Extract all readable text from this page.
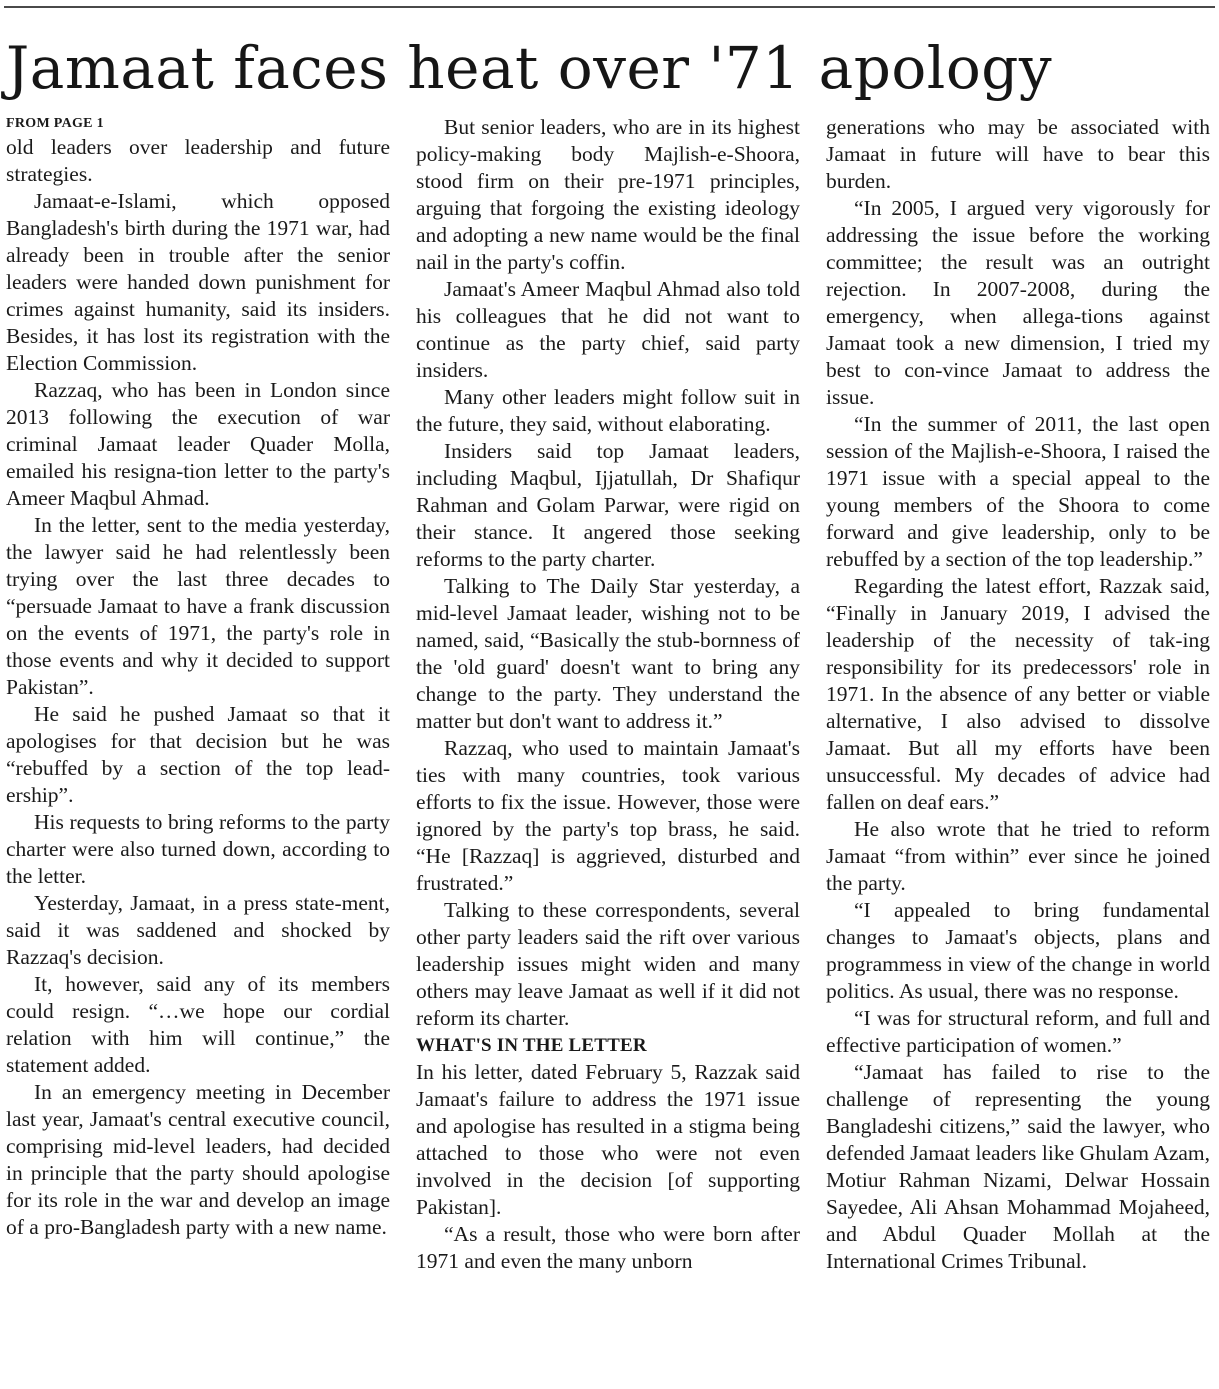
Jamaat faces heat over '71 apology
FROM PAGE 1

old leaders over leadership and future strategies.

Jamaat-e-Islami, which opposed Bangladesh's birth during the 1971 war, had already been in trouble after the senior leaders were handed down punishment for crimes against humanity, said its insiders. Besides, it has lost its registration with the Election Commission.

Razzaq, who has been in London since 2013 following the execution of war criminal Jamaat leader Quader Molla, emailed his resigna-tion letter to the party's Ameer Maqbul Ahmad.

In the letter, sent to the media yesterday, the lawyer said he had relentlessly been trying over the last three decades to “persuade Jamaat to have a frank discussion on the events of 1971, the party's role in those events and why it decided to support Pakistan”.

He said he pushed Jamaat so that it apologises for that decision but he was “rebuffed by a section of the top lead-ership”.

His requests to bring reforms to the party charter were also turned down, according to the letter.

Yesterday, Jamaat, in a press state-ment, said it was saddened and shocked by Razzaq's decision.

It, however, said any of its members could resign. “…we hope our cordial relation with him will continue,” the statement added.

In an emergency meeting in December last year, Jamaat's central executive council, comprising mid-level leaders, had decided in principle that the party should apologise for its role in the war and develop an image of a pro-Bangladesh party with a new name.

But senior leaders, who are in its highest policy-making body Majlish-e-Shoora, stood firm on their pre-1971 principles, arguing that forgoing the existing ideology and adopting a new name would be the final nail in the party's coffin.

Jamaat's Ameer Maqbul Ahmad also told his colleagues that he did not want to continue as the party chief, said party insiders.

Many other leaders might follow suit in the future, they said, without elaborating.

Insiders said top Jamaat leaders, including Maqbul, Ijjatullah, Dr Shafiqur Rahman and Golam Parwar, were rigid on their stance. It angered those seeking reforms to the party charter.

Talking to The Daily Star yesterday, a mid-level Jamaat leader, wishing not to be named, said, “Basically the stub-bornness of the 'old guard' doesn't want to bring any change to the party. They understand the matter but don't want to address it.”

Razzaq, who used to maintain Jamaat's ties with many countries, took various efforts to fix the issue. However, those were ignored by the party's top brass, he said. “He [Razzaq] is aggrieved, disturbed and frustrated.”

Talking to these correspondents, several other party leaders said the rift over various leadership issues might widen and many others may leave Jamaat as well if it did not reform its charter.

WHAT'S IN THE LETTER

In his letter, dated February 5, Razzak said Jamaat's failure to address the 1971 issue and apologise has resulted in a stigma being attached to those who were not even involved in the decision [of supporting Pakistan].

“As a result, those who were born after 1971 and even the many unborn

generations who may be associated with Jamaat in future will have to bear this burden.

“In 2005, I argued very vigorously for addressing the issue before the working committee; the result was an outright rejection. In 2007-2008, during the emergency, when allega-tions against Jamaat took a new dimension, I tried my best to con-vince Jamaat to address the issue.

“In the summer of 2011, the last open session of the Majlish-e-Shoora, I raised the 1971 issue with a special appeal to the young members of the Shoora to come forward and give leadership, only to be rebuffed by a section of the top leadership.”

Regarding the latest effort, Razzak said, “Finally in January 2019, I advised the leadership of the necessity of tak-ing responsibility for its predecessors' role in 1971. In the absence of any better or viable alternative, I also advised to dissolve Jamaat. But all my efforts have been unsuccessful. My decades of advice had fallen on deaf ears.”

He also wrote that he tried to reform Jamaat “from within” ever since he joined the party.

“I appealed to bring fundamental changes to Jamaat's objects, plans and programmess in view of the change in world politics. As usual, there was no response.

“I was for structural reform, and full and effective participation of women.”

“Jamaat has failed to rise to the challenge of representing the young Bangladeshi citizens,” said the lawyer, who defended Jamaat leaders like Ghulam Azam, Motiur Rahman Nizami, Delwar Hossain Sayedee, Ali Ahsan Mohammad Mojaheed, and Abdul Quader Mollah at the International Crimes Tribunal.
